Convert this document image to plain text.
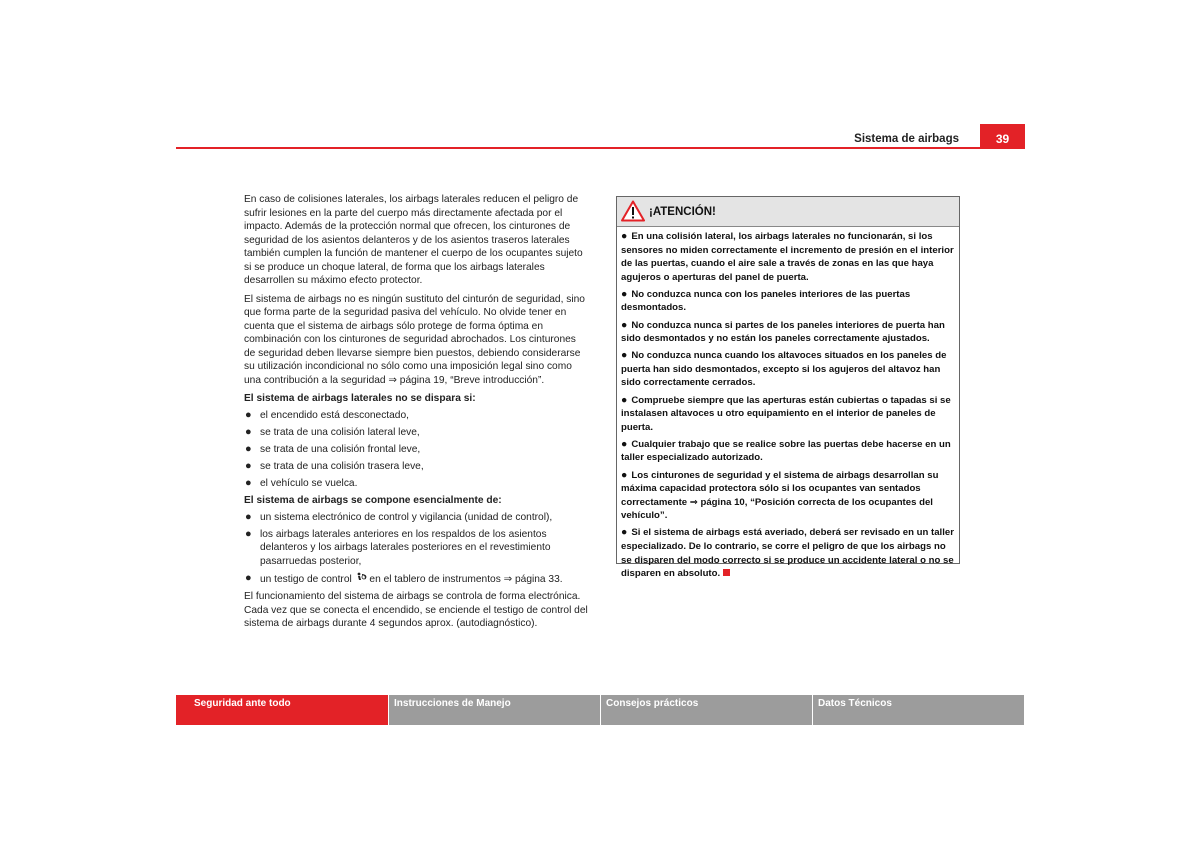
Sistema de airbags	39

En caso de colisiones laterales, los airbags laterales reducen el peligro de sufrir lesiones en la parte del cuerpo más directamente afectada por el impacto. Además de la protección normal que ofrecen, los cinturones de seguridad de los asientos delanteros y de los asientos traseros laterales también cumplen la función de mantener el cuerpo de los ocupantes sujeto si se produce un choque lateral, de forma que los airbags laterales desarrollen su máximo efecto protector.

El sistema de airbags no es ningún sustituto del cinturón de seguridad, sino que forma parte de la seguridad pasiva del vehículo. No olvide tener en cuenta que el sistema de airbags sólo protege de forma óptima en combinación con los cinturones de seguridad abrochados. Los cinturones de seguridad deben llevarse siempre bien puestos, debiendo considerarse su utilización incondicional no sólo como una imposición legal sino como una contribución a la seguridad ⇒ página 19, “Breve introducción”.

El sistema de airbags laterales no se dispara si:

● el encendido está desconectado,
● se trata de una colisión lateral leve,
● se trata de una colisión frontal leve,
● se trata de una colisión trasera leve,
● el vehículo se vuelca.

El sistema de airbags se compone esencialmente de:

● un sistema electrónico de control y vigilancia (unidad de control),
● los airbags laterales anteriores en los respaldos de los asientos delanteros y los airbags laterales posteriores en el revestimiento pasarruedas posterior,
● un testigo de control  en el tablero de instrumentos ⇒ página 33.

El funcionamiento del sistema de airbags se controla de forma electrónica. Cada vez que se conecta el encendido, se enciende el testigo de control del sistema de airbags durante 4 segundos aprox. (autodiagnóstico).

¡ATENCIÓN!
● En una colisión lateral, los airbags laterales no funcionarán, si los sensores no miden correctamente el incremento de presión en el interior de las puertas, cuando el aire sale a través de zonas en las que haya agujeros o aperturas del panel de puerta.
● No conduzca nunca con los paneles interiores de las puertas desmontados.
● No conduzca nunca si partes de los paneles interiores de puerta han sido desmontados y no están los paneles correctamente ajustados.
● No conduzca nunca cuando los altavoces situados en los paneles de puerta han sido desmontados, excepto si los agujeros del altavoz han sido correctamente cerrados.
● Compruebe siempre que las aperturas están cubiertas o tapadas si se instalasen altavoces u otro equipamiento en el interior de paneles de puerta.
● Cualquier trabajo que se realice sobre las puertas debe hacerse en un taller especializado autorizado.
● Los cinturones de seguridad y el sistema de airbags desarrollan su máxima capacidad protectora sólo si los ocupantes van sentados correctamente ⇒ página 10, “Posición correcta de los ocupantes del vehículo”.
● Si el sistema de airbags está averiado, deberá ser revisado en un taller especializado. De lo contrario, se corre el peligro de que los airbags no se disparen del modo correcto si se produce un accidente lateral o no se disparen en absoluto.
Seguridad ante todo	Instrucciones de Manejo	Consejos prácticos	Datos Técnicos
